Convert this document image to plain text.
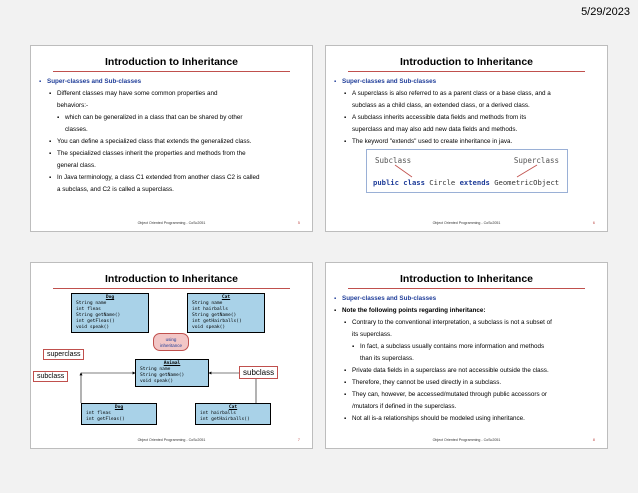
5/29/2023
Introduction to Inheritance

▪ Super-classes and Sub-classes

▪ Different classes may have some common properties and

behaviors:-

▪ which can be generalized in a class that can be shared by other

classes.

▪ You can define a specialized class that extends the generalized class.

▪ The specialized classes inherit the properties and methods from the

general class.

▪ In Java terminology, a class C1 extended from another class C2 is called

a subclass, and C2 is called a superclass.

Object Oriented Programming - CoSc2051	5
Introduction to Inheritance

▪ Super-classes and Sub-classes

▪ A superclass is also referred to as a parent class or a base class, and a

subclass as a child class, an extended class, or a derived class.

▪ A subclass inherits accessible data fields and methods from its

superclass and may also add new data fields and methods.

▪ The keyword "extends" used to create inheritance in java.

Subclass	Superclass
public class Circle extends GeometricObject
Object Oriented Programming - CoSc2051	6
Introduction to Inheritance
Dog
String name
int fleas
String getName()
int getFleas()
void speak()
Cat
String name
int hairballs
String getName()
int getHairballs()
void speak()
using inheritance
Animal
String name
String getName()
void speak()
Dog
int fleas
int getFleas()
Cat
int hairballs
int getHairballs()
superclass
subclass	subclass
Object Oriented Programming - CoSc2051	7
Introduction to Inheritance

▪ Super-classes and Sub-classes

▪ Note the following points regarding inheritance:

▪ Contrary to the conventional interpretation, a subclass is not a subset of

its superclass.

▪ In fact, a subclass usually contains more information and methods

than its superclass.

▪ Private data fields in a superclass are not accessible outside the class.

▪ Therefore, they cannot be used directly in a subclass.

▪ They can, however, be accessed/mutated through public accessors or

/mutators if defined in the superclass.

▪ Not all is-a relationships should be modeled using inheritance.

Object Oriented Programming - CoSc2051	8
